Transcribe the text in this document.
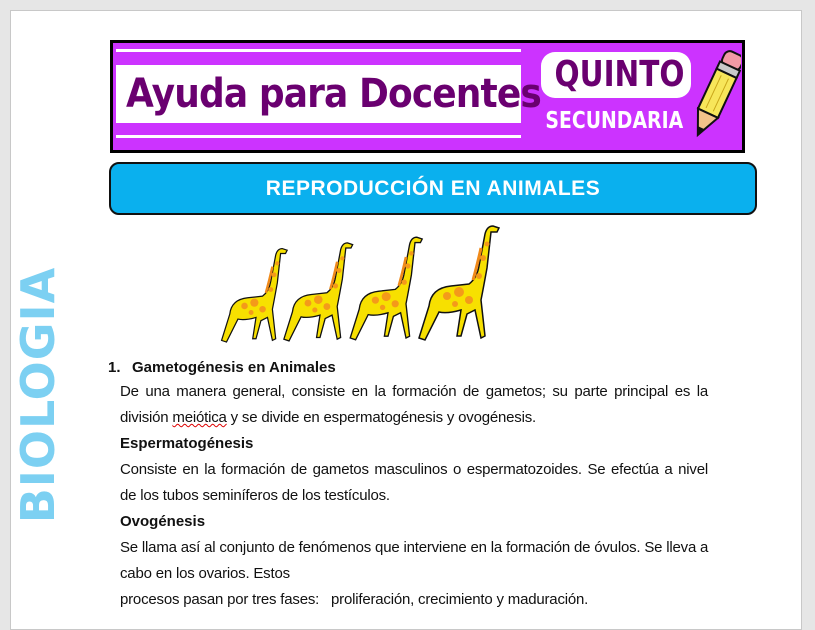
Ayuda para Docentes QUINTO
SECUNDARIA
REPRODUCCIÓN EN ANIMALES
BIOLOGIA	1. Gametogénesis en Animales
De una manera general, consiste en la formación de gametos; su parte principal es la división meiótica y se divide en espermatogénesis y ovogénesis.
Espermatogénesis
Consiste en la formación de gametos masculinos o espermatozoides. Se efectúa a nivel de los tubos seminíferos de los testículos.
Ovogénesis
Se llama así al conjunto de fenómenos que interviene en la formación de óvulos. Se lleva a cabo en los ovarios. Estos
procesos pasan por tres fases:   proliferación, crecimiento y maduración.
